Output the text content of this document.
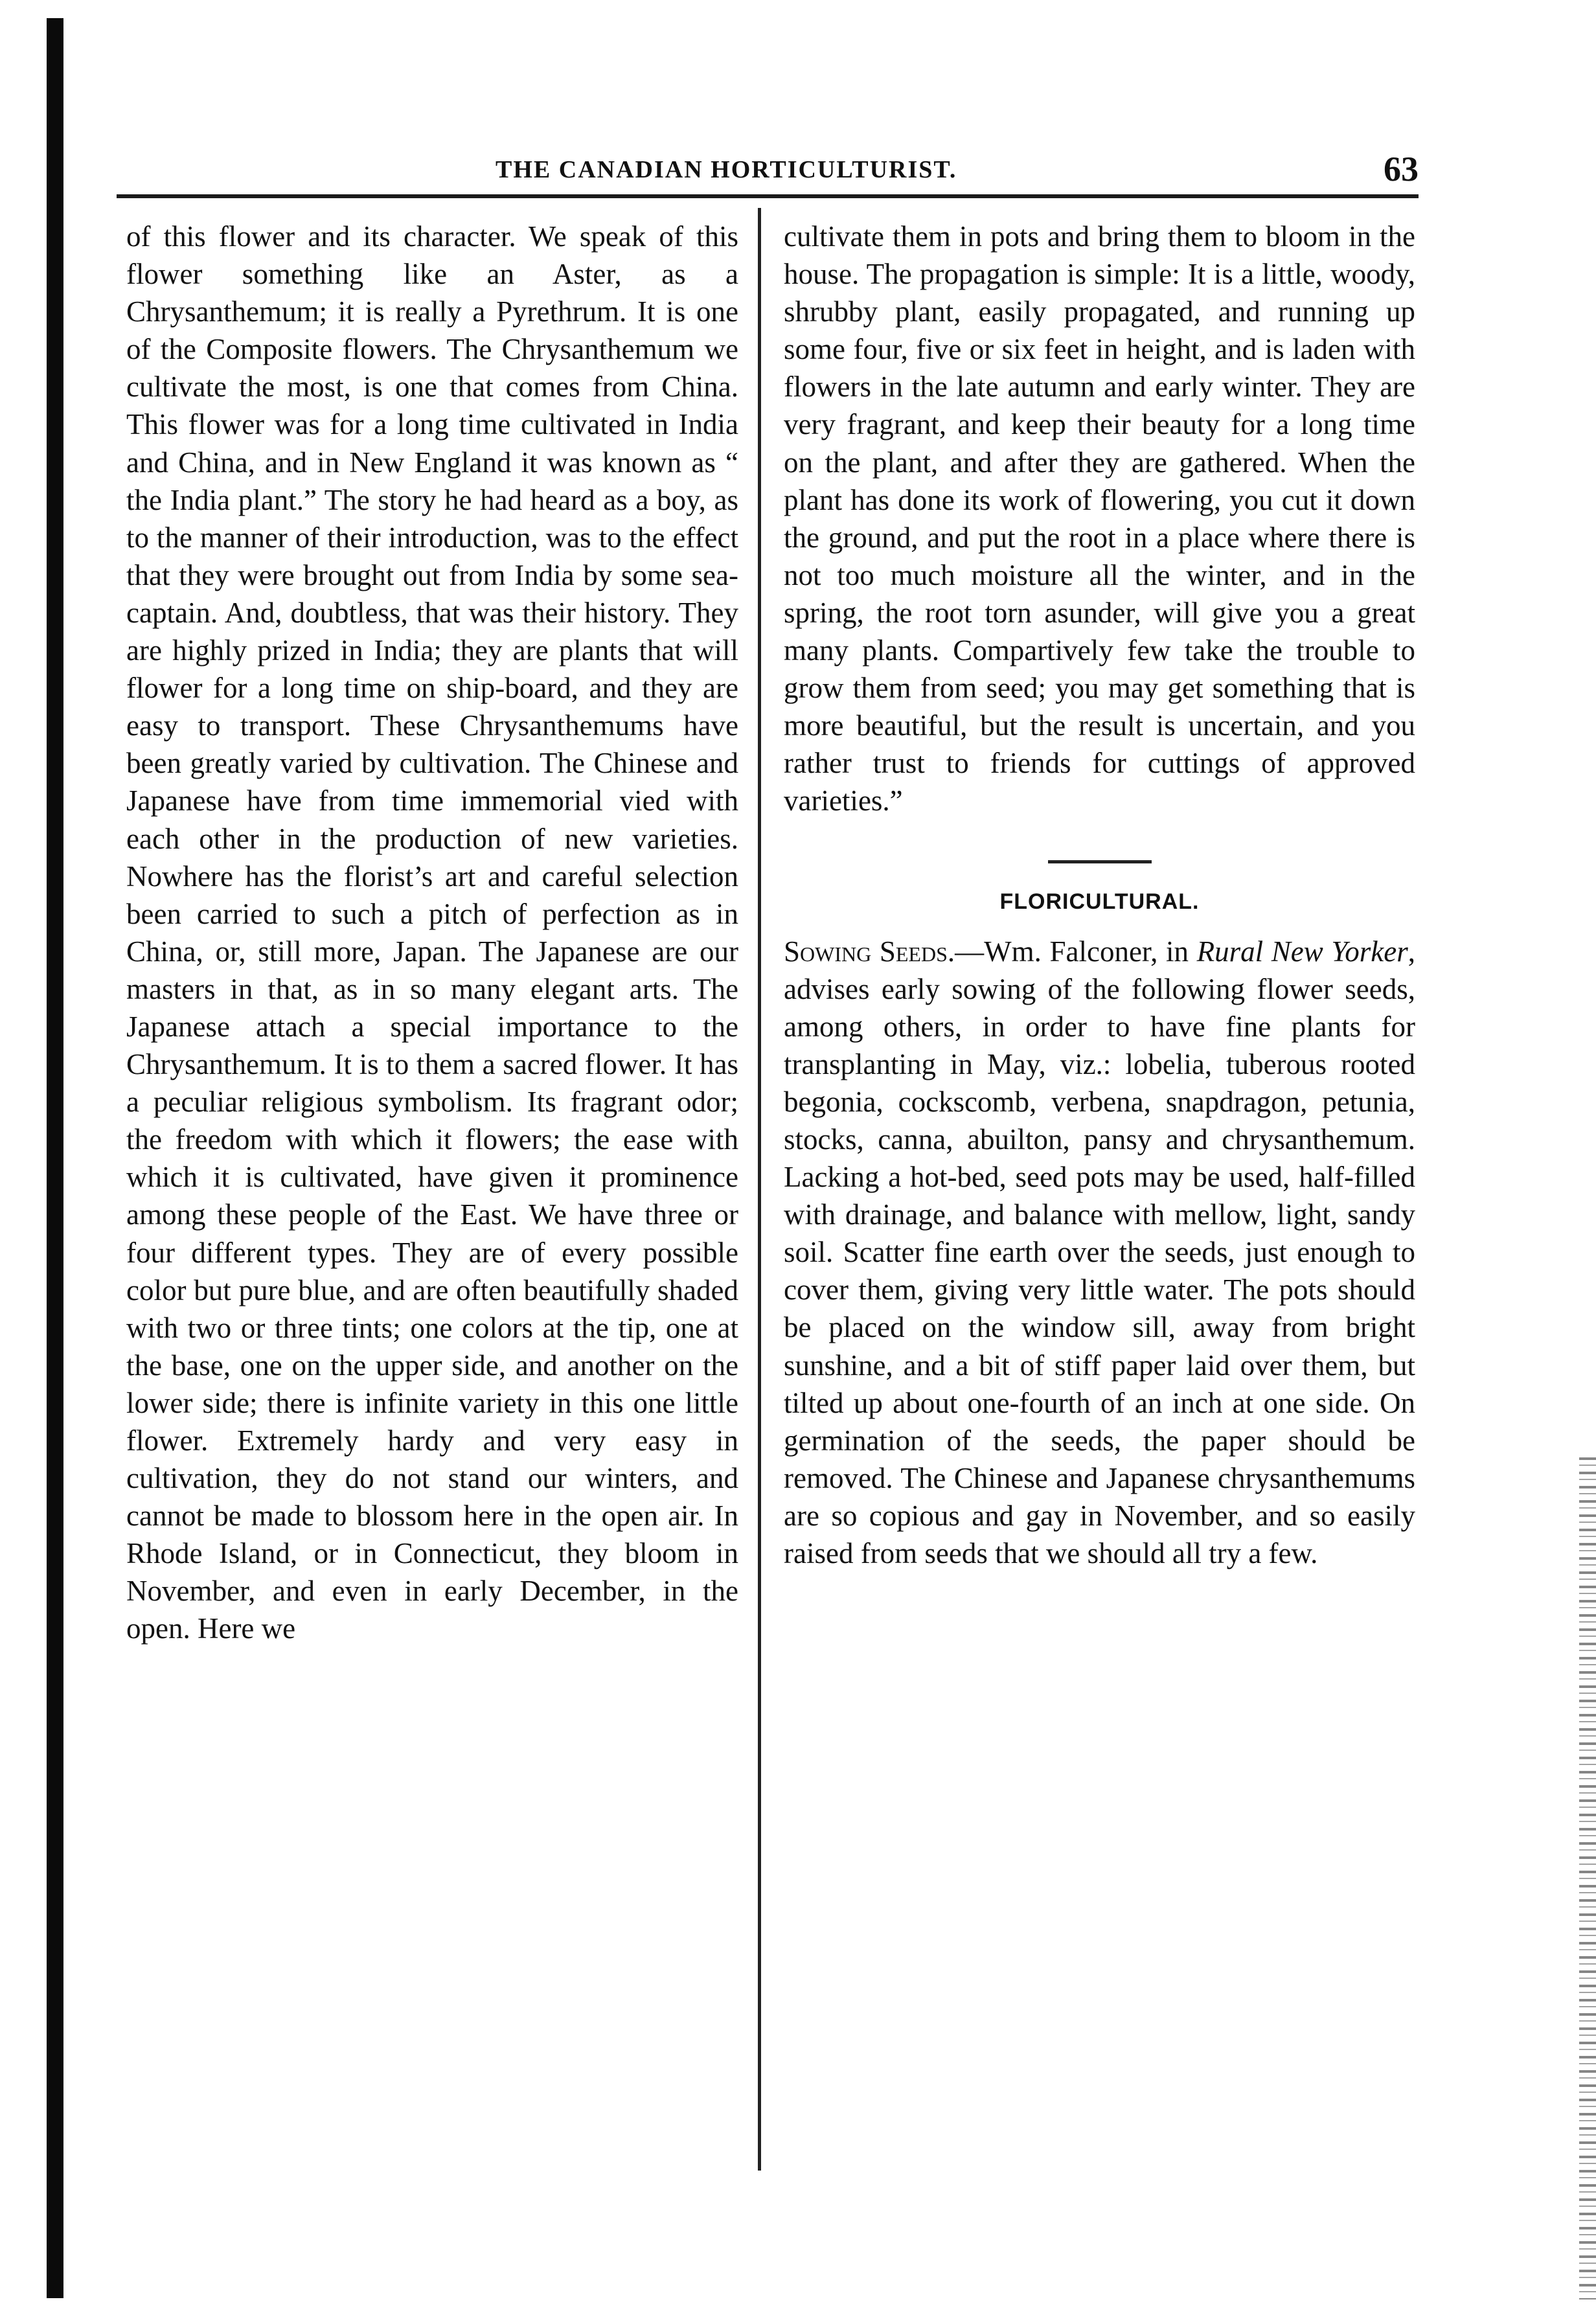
THE CANADIAN HORTICULTURIST.	63

of this flower and its character. We speak of this flower something like an Aster, as a Chrysanthemum; it is really a Pyrethrum. It is one of the Composite flowers. The Chrysanthemum we cultivate the most, is one that comes from China. This flower was for a long time cultivated in India and China, and in New England it was known as “ the India plant.” The story he had heard as a boy, as to the manner of their introduction, was to the effect that they were brought out from India by some sea-captain. And, doubtless, that was their history. They are highly prized in India; they are plants that will flower for a long time on ship-board, and they are easy to transport. These Chrysanthemums have been greatly varied by cultivation. The Chinese and Japanese have from time immemorial vied with each other in the production of new varieties. Nowhere has the florist’s art and careful selection been carried to such a pitch of perfection as in China, or, still more, Japan. The Japanese are our masters in that, as in so many elegant arts. The Japanese attach a special importance to the Chrysanthemum. It is to them a sacred flower. It has a peculiar religious symbolism. Its fragrant odor; the freedom with which it flowers; the ease with which it is cultivated, have given it prominence among these people of the East. We have three or four different types. They are of every possible color but pure blue, and are often beautifully shaded with two or three tints; one colors at the tip, one at the base, one on the upper side, and another on the lower side; there is infinite variety in this one little flower. Extremely hardy and very easy in cultivation, they do not stand our winters, and cannot be made to blossom here in the open air. In Rhode Island, or in Connecticut, they bloom in November, and even in early December, in the open. Here we

cultivate them in pots and bring them to bloom in the house. The propagation is simple: It is a little, woody, shrubby plant, easily propagated, and running up some four, five or six feet in height, and is laden with flowers in the late autumn and early winter. They are very fragrant, and keep their beauty for a long time on the plant, and after they are gathered. When the plant has done its work of flowering, you cut it down the ground, and put the root in a place where there is not too much moisture all the winter, and in the spring, the root torn asunder, will give you a great many plants. Compartively few take the trouble to grow them from seed; you may get something that is more beautiful, but the result is uncertain, and you rather trust to friends for cuttings of approved varieties.”

FLORICULTURAL.

Sowing Seeds.—Wm. Falconer, in Rural New Yorker, advises early sowing of the following flower seeds, among others, in order to have fine plants for transplanting in May, viz.: lobelia, tuberous rooted begonia, cockscomb, verbena, snapdragon, petunia, stocks, canna, abuilton, pansy and chrysanthemum. Lacking a hot-bed, seed pots may be used, half-filled with drainage, and balance with mellow, light, sandy soil. Scatter fine earth over the seeds, just enough to cover them, giving very little water. The pots should be placed on the window sill, away from bright sunshine, and a bit of stiff paper laid over them, but tilted up about one-fourth of an inch at one side. On germination of the seeds, the paper should be removed. The Chinese and Japanese chrysanthemums are so copious and gay in November, and so easily raised from seeds that we should all try a few.
